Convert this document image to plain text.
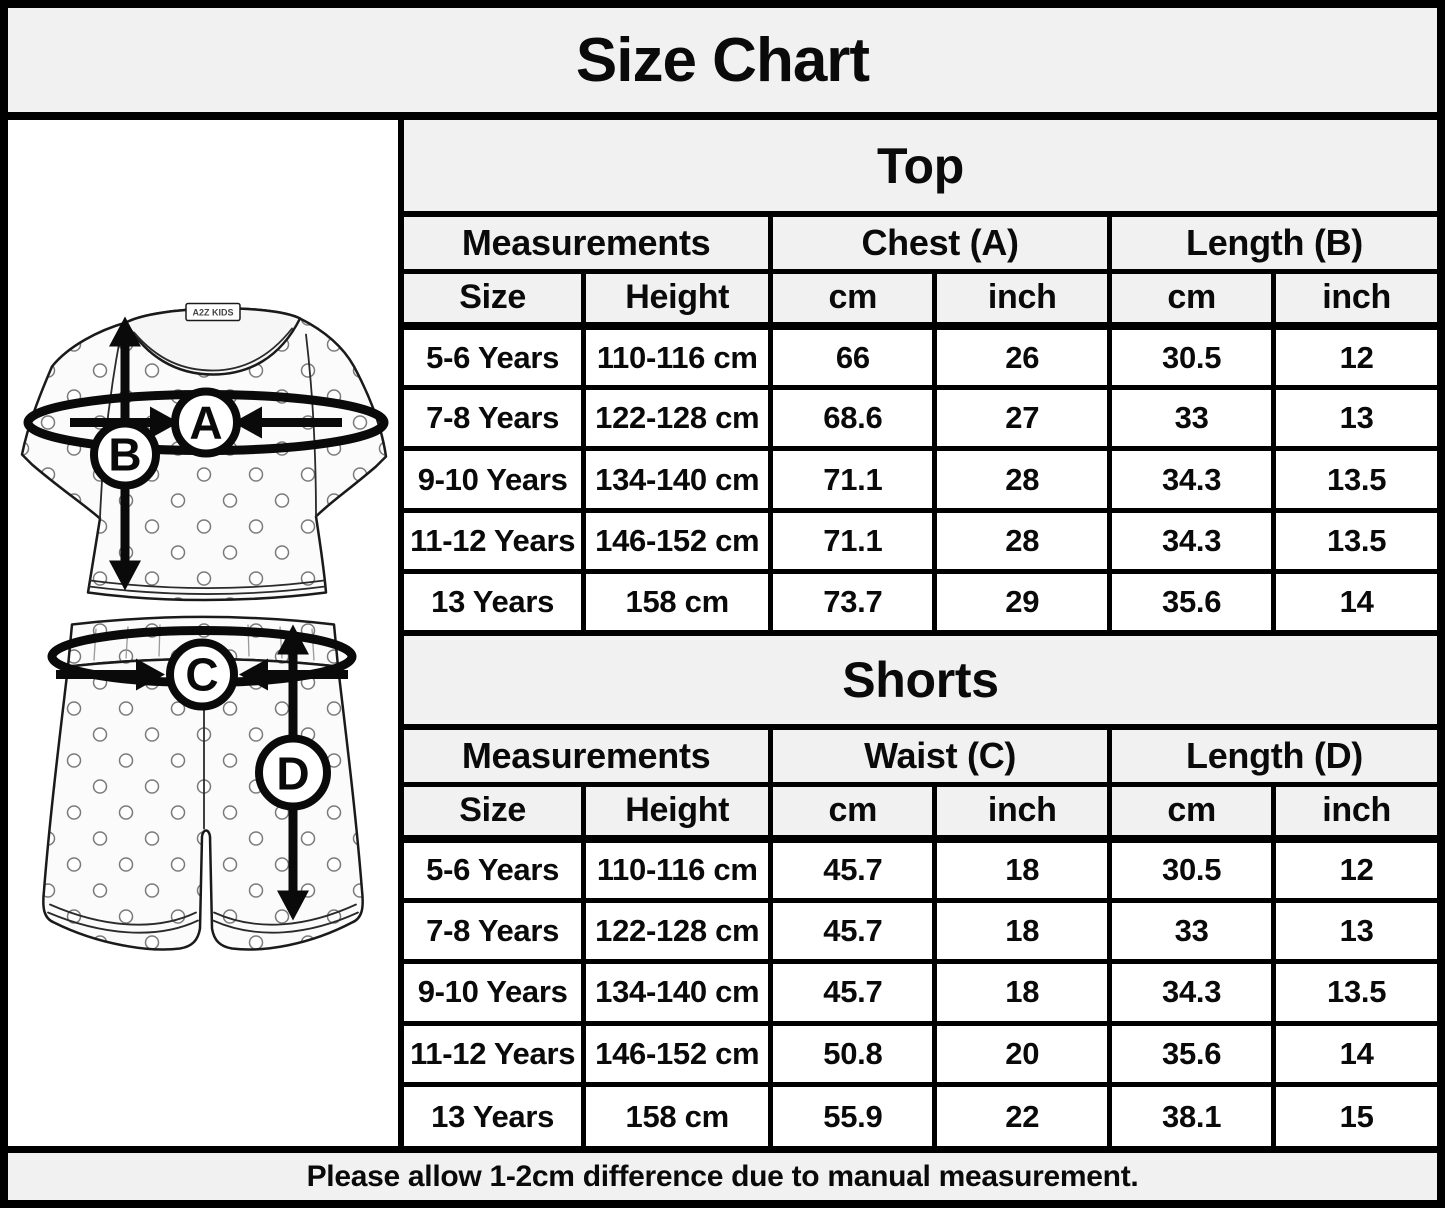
Size Chart
A2Z KIDS
A
B
C
D
Top					
Measurements		Chest (A)		Length (B)	
Size	Height	cm	inch	cm	inch
5-6 Years	110-116 cm	66	26	30.5	12
7-8 Years	122-128 cm	68.6	27	33	13
9-10 Years	134-140 cm	71.1	28	34.3	13.5
11-12 Years	146-152 cm	71.1	28	34.3	13.5
13 Years	158 cm	73.7	29	35.6	14
Shorts					
Measurements		Waist (C)		Length (D)	
Size	Height	cm	inch	cm	inch
5-6 Years	110-116 cm	45.7	18	30.5	12
7-8 Years	122-128 cm	45.7	18	33	13
9-10 Years	134-140 cm	45.7	18	34.3	13.5
11-12 Years	146-152 cm	50.8	20	35.6	14
13 Years	158 cm	55.9	22	38.1	15

Please allow 1-2cm difference due to manual measurement.
